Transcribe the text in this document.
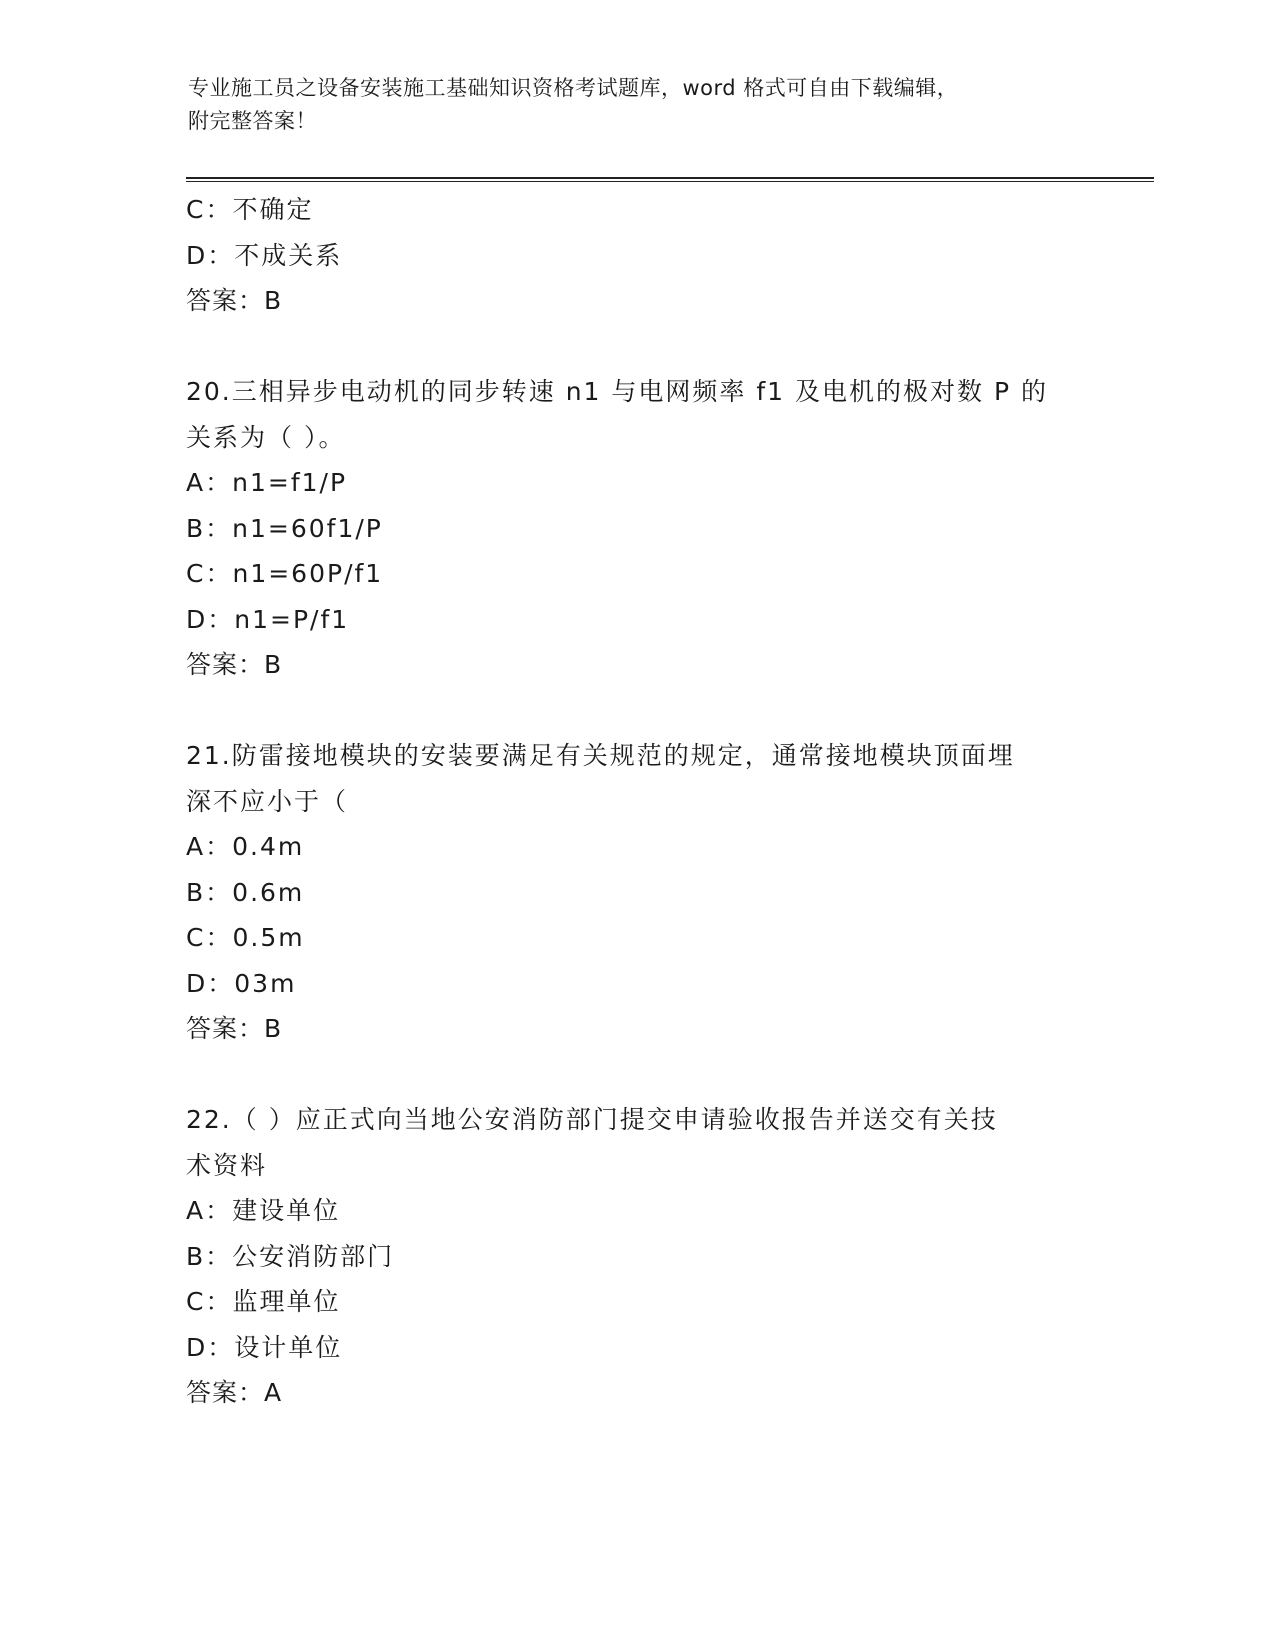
专业施工员之设备安装施工基础知识资格考试题库，word 格式可自由下载编辑，
附完整答案！
C：不确定
D：不成关系
答案：B
20.三相异步电动机的同步转速 n1 与电网频率 f1 及电机的极对数 P 的
关系为（ ）。
A：n1=f1/P
B：n1=60f1/P
C：n1=60P/f1
D：n1=P/f1
答案：B
21.防雷接地模块的安装要满足有关规范的规定，通常接地模块顶面埋
深不应小于（
A：0.4m
B：0.6m
C：0.5m
D：03m
答案：B
22.（ ）应正式向当地公安消防部门提交申请验收报告并送交有关技
术资料
A：建设单位
B：公安消防部门
C：监理单位
D：设计单位
答案：A
